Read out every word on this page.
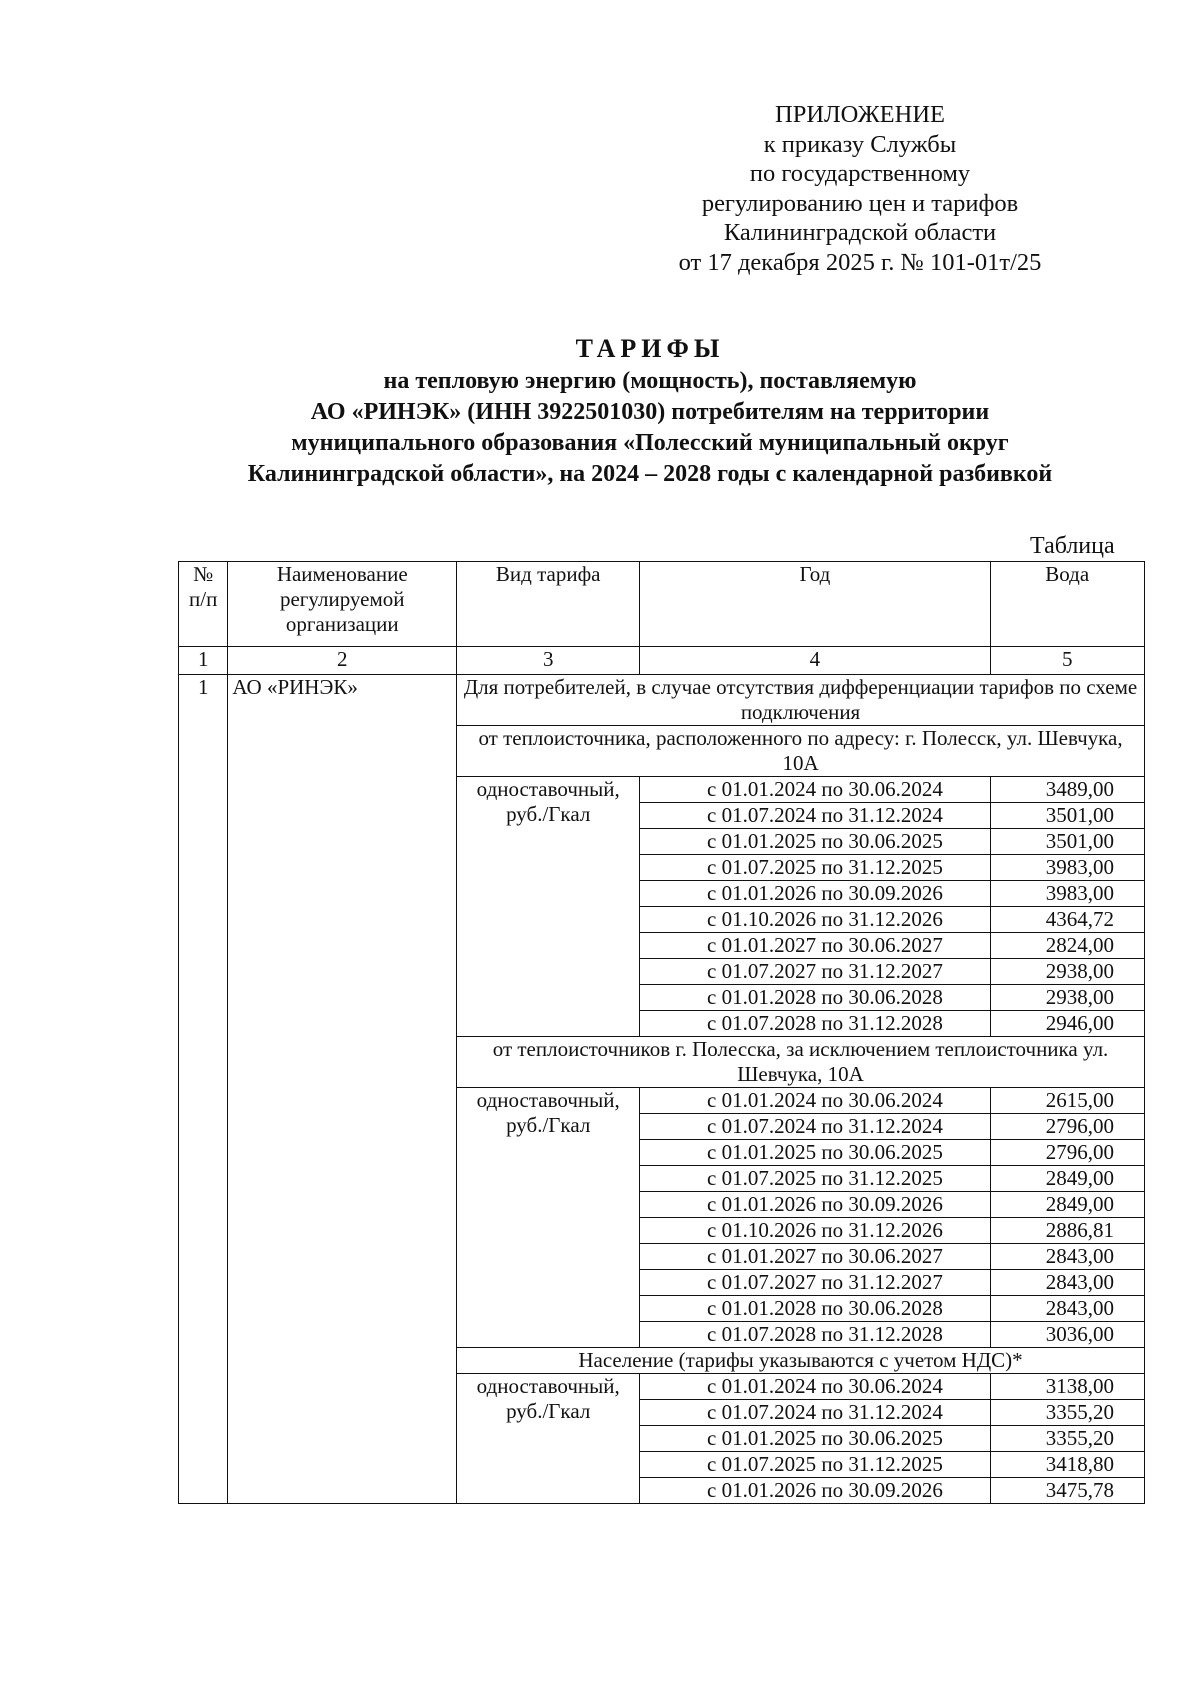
ПРИЛОЖЕНИЕ
к приказу Службы
по государственному
регулированию цен и тарифов
Калининградской области
от 17 декабря 2025 г. № 101-01т/25
ТАРИФЫ
на тепловую энергию (мощность), поставляемую
АО «РИНЭК» (ИНН 3922501030) потребителям на территории
муниципального образования «Полесский муниципальный округ
Калининградской области», на 2024 – 2028 годы с календарной разбивкой
Таблица
№ п/п	Наименование регулируемой организации	Вид тарифа	Год	Вода
1	2	3	4	5
1	АО «РИНЭК»	Для потребителей, в случае отсутствия дифференциации тарифов по схеме подключения		
		от теплоисточника, расположенного по адресу: г. Полесск, ул. Шевчука, 10А		
		одноставочный, руб./Гкал	с 01.01.2024 по 30.06.2024	3489,00
			с 01.07.2024 по 31.12.2024	3501,00
			с 01.01.2025 по 30.06.2025	3501,00
			с 01.07.2025 по 31.12.2025	3983,00
			с 01.01.2026 по 30.09.2026	3983,00
			с 01.10.2026 по 31.12.2026	4364,72
			с 01.01.2027 по 30.06.2027	2824,00
			с 01.07.2027 по 31.12.2027	2938,00
			с 01.01.2028 по 30.06.2028	2938,00
			с 01.07.2028 по 31.12.2028	2946,00
		от теплоисточников г. Полесска, за исключением теплоисточника ул. Шевчука, 10А		
		одноставочный, руб./Гкал	с 01.01.2024 по 30.06.2024	2615,00
			с 01.07.2024 по 31.12.2024	2796,00
			с 01.01.2025 по 30.06.2025	2796,00
			с 01.07.2025 по 31.12.2025	2849,00
			с 01.01.2026 по 30.09.2026	2849,00
			с 01.10.2026 по 31.12.2026	2886,81
			с 01.01.2027 по 30.06.2027	2843,00
			с 01.07.2027 по 31.12.2027	2843,00
			с 01.01.2028 по 30.06.2028	2843,00
			с 01.07.2028 по 31.12.2028	3036,00
		Население (тарифы указываются с учетом НДС)*		
		одноставочный, руб./Гкал	с 01.01.2024 по 30.06.2024	3138,00
			с 01.07.2024 по 31.12.2024	3355,20
			с 01.01.2025 по 30.06.2025	3355,20
			с 01.07.2025 по 31.12.2025	3418,80
			с 01.01.2026 по 30.09.2026	3475,78
